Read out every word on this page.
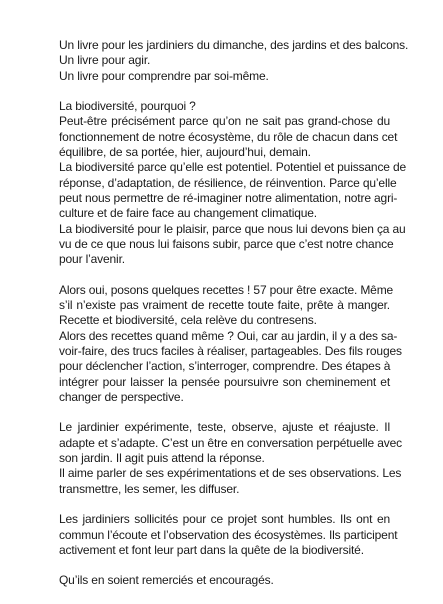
Un livre pour les jardiniers du dimanche, des jardins et des balcons.
Un livre pour agir.
Un livre pour comprendre par soi-même.

La biodiversité, pourquoi ?
Peut-être précisément parce qu’on ne sait pas grand-chose du
fonctionnement de notre écosystème, du rôle de chacun dans cet
équilibre, de sa portée, hier, aujourd’hui, demain.
La biodiversité parce qu’elle est potentiel. Potentiel et puissance de
réponse, d’adaptation, de résilience, de réinvention. Parce qu’elle
peut nous permettre de ré-imaginer notre alimentation, notre agri-
culture et de faire face au changement climatique.
La biodiversité pour le plaisir, parce que nous lui devons bien ça au
vu de ce que nous lui faisons subir, parce que c’est notre chance
pour l’avenir.

Alors oui, posons quelques recettes ! 57 pour être exacte. Même
s’il n’existe pas vraiment de recette toute faite, prête à manger.
Recette et biodiversité, cela relève du contresens.
Alors des recettes quand même ? Oui, car au jardin, il y a des sa-
voir-faire, des trucs faciles à réaliser, partageables. Des fils rouges
pour déclencher l’action, s’interroger, comprendre. Des étapes à
intégrer pour laisser la pensée poursuivre son cheminement et
changer de perspective.

Le jardinier expérimente, teste, observe, ajuste et réajuste. Il
adapte et s’adapte. C’est un être en conversation perpétuelle avec
son jardin. Il agit puis attend la réponse.
Il aime parler de ses expérimentations et de ses observations. Les
transmettre, les semer, les diffuser.

Les jardiniers sollicités pour ce projet sont humbles. Ils ont en
commun l’écoute et l’observation des écosystèmes. Ils participent
activement et font leur part dans la quête de la biodiversité.

Qu’ils en soient remerciés et encouragés.
